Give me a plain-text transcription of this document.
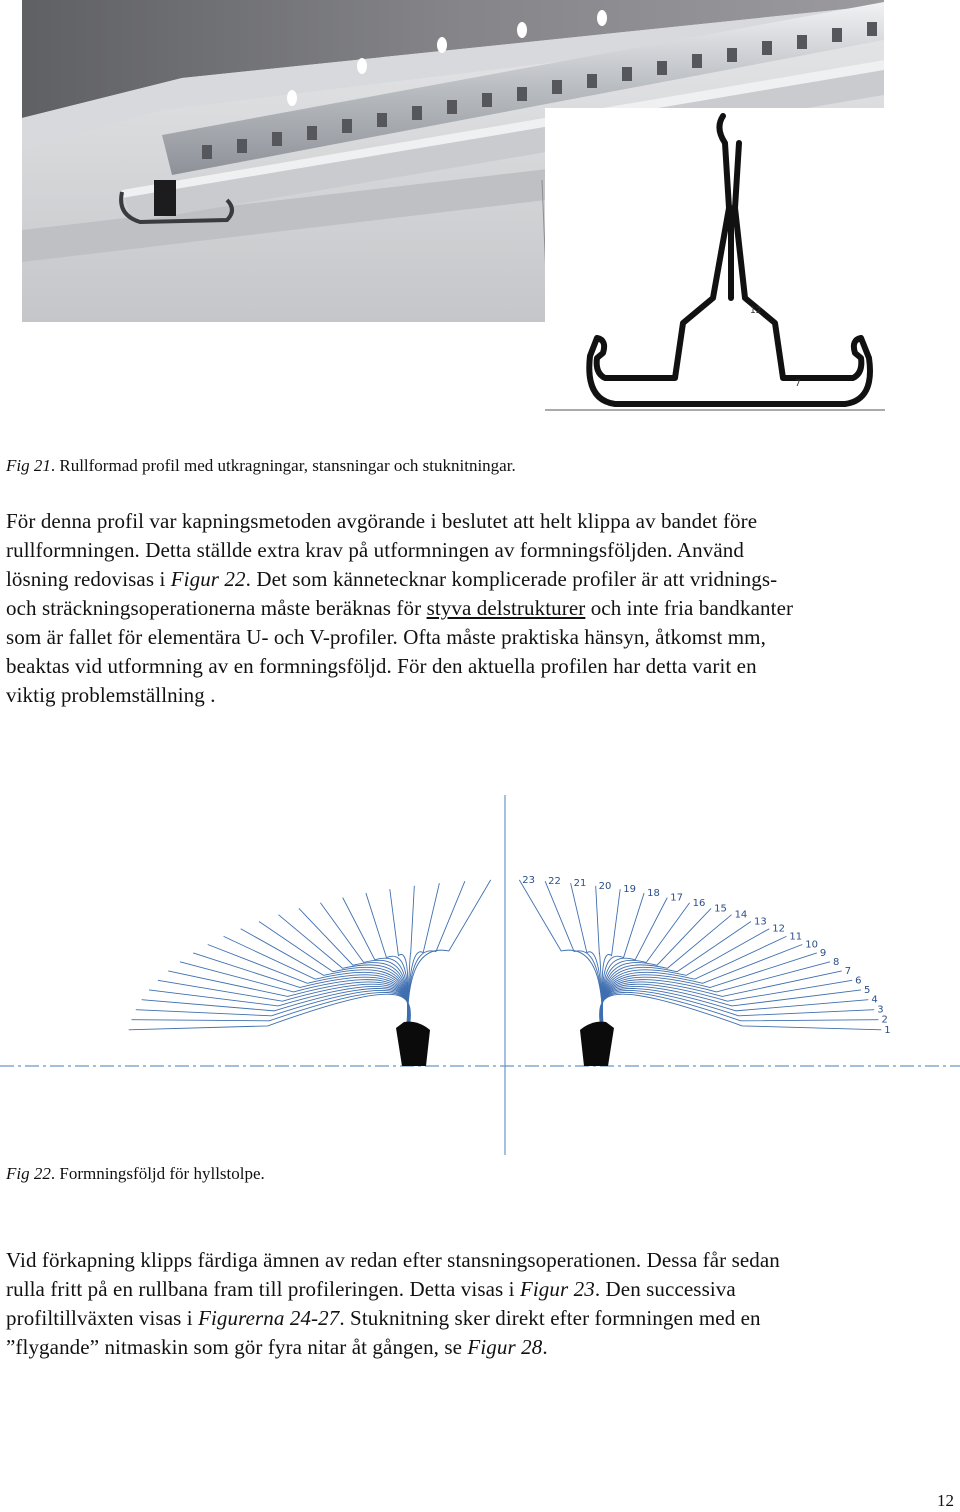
12
7
Fig 21. Rullformad profil med utkragningar, stansningar och stuknitningar.
För denna profil var kapningsmetoden avgörande i beslutet att helt klippa av bandet före
rullformningen. Detta ställde extra krav på utformningen av formningsföljden. Använd
lösning redovisas i Figur 22. Det som kännetecknar komplicerade profiler är att vridnings-
och sträckningsoperationerna måste beräknas för styva delstrukturer och inte fria bandkanter
som är fallet för elementära U- och V-profiler. Ofta måste praktiska hänsyn, åtkomst mm,
beaktas vid utformning av en formningsföljd. För den aktuella profilen har detta varit en
viktig problemställning .
1
2
3
4
5
6
7
8
9
10
11
12
13
14
15
16
17
18
19
20
21
22
23
Fig 22. Formningsföljd för hyllstolpe.
Vid förkapning klipps färdiga ämnen av redan efter stansningsoperationen. Dessa får sedan
rulla fritt på en rullbana fram till profileringen. Detta visas i Figur 23. Den successiva
profiltillväxten visas i Figurerna 24-27. Stuknitning sker direkt efter formningen med en
”flygande” nitmaskin som gör fyra nitar åt gången, se Figur 28.
12
